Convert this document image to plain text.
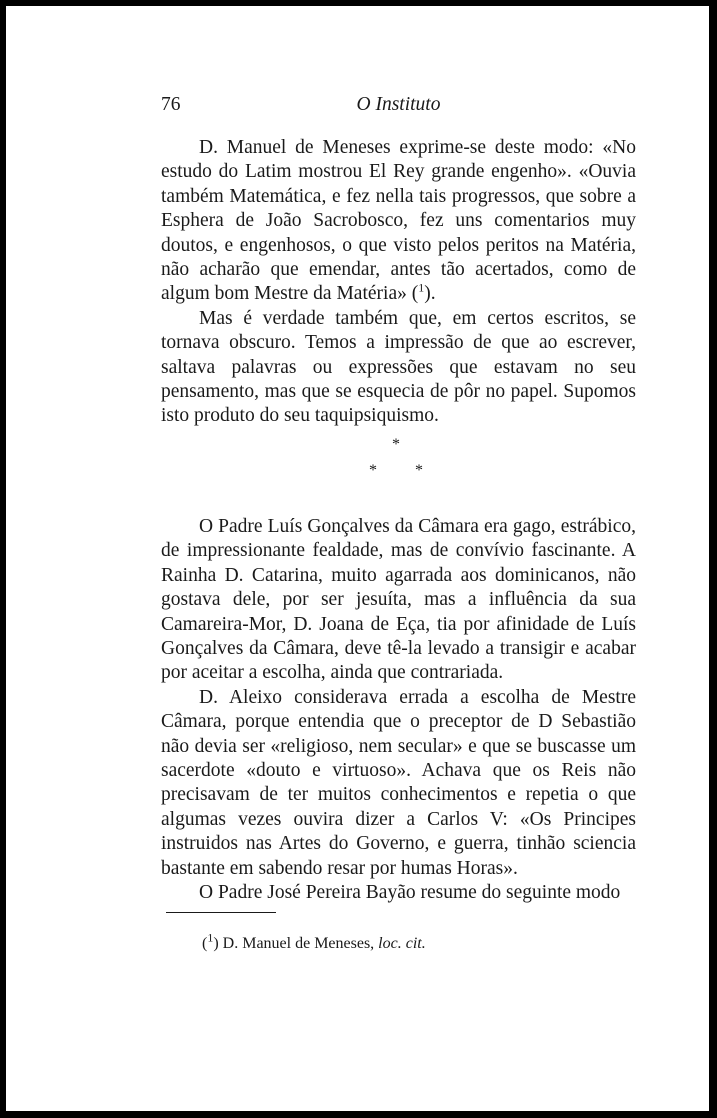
76	O Instituto

D. Manuel de Meneses exprime-se deste modo: «No estudo do Latim mostrou El Rey grande engenho». «Ouvia também Matemática, e fez nella tais progressos, que sobre a Esphera de João Sacrobosco, fez uns comentarios muy doutos, e engenhosos, o que visto pelos peritos na Matéria, não acharão que emendar, antes tão acertados, como de algum bom Mestre da Matéria» ($^1$).

Mas é verdade também que, em certos escritos, se tornava obscuro. Temos a impressão de que ao escrever, saltava palavras ou expressões que estavam no seu pensamento, mas que se esquecia de pôr no papel. Supomos isto produto do seu taquipsiquismo.

*
* *

O Padre Luís Gonçalves da Câmara era gago, estrábico, de impressionante fealdade, mas de convívio fascinante. A Rainha D. Catarina, muito agarrada aos dominicanos, não gostava dele, por ser jesuíta, mas a influência da sua Camareira-Mor, D. Joana de Eça, tia por afinidade de Luís Gonçalves da Câmara, deve tê-la levado a transigir e acabar por aceitar a escolha, ainda que contrariada.

D. Aleixo considerava errada a escolha de Mestre Câmara, porque entendia que o preceptor de D Sebastião não devia ser «religioso, nem secular» e que se buscasse um sacerdote «douto e virtuoso». Achava que os Reis não precisavam de ter muitos conhecimentos e repetia o que algumas vezes ouvira dizer a Carlos V: «Os Principes instruidos nas Artes do Governo, e guerra, tinhão sciencia bastante em sabendo resar por humas Horas».

O Padre José Pereira Bayão resume do seguinte modo

($^1$) D. Manuel de Meneses, loc. cit.
